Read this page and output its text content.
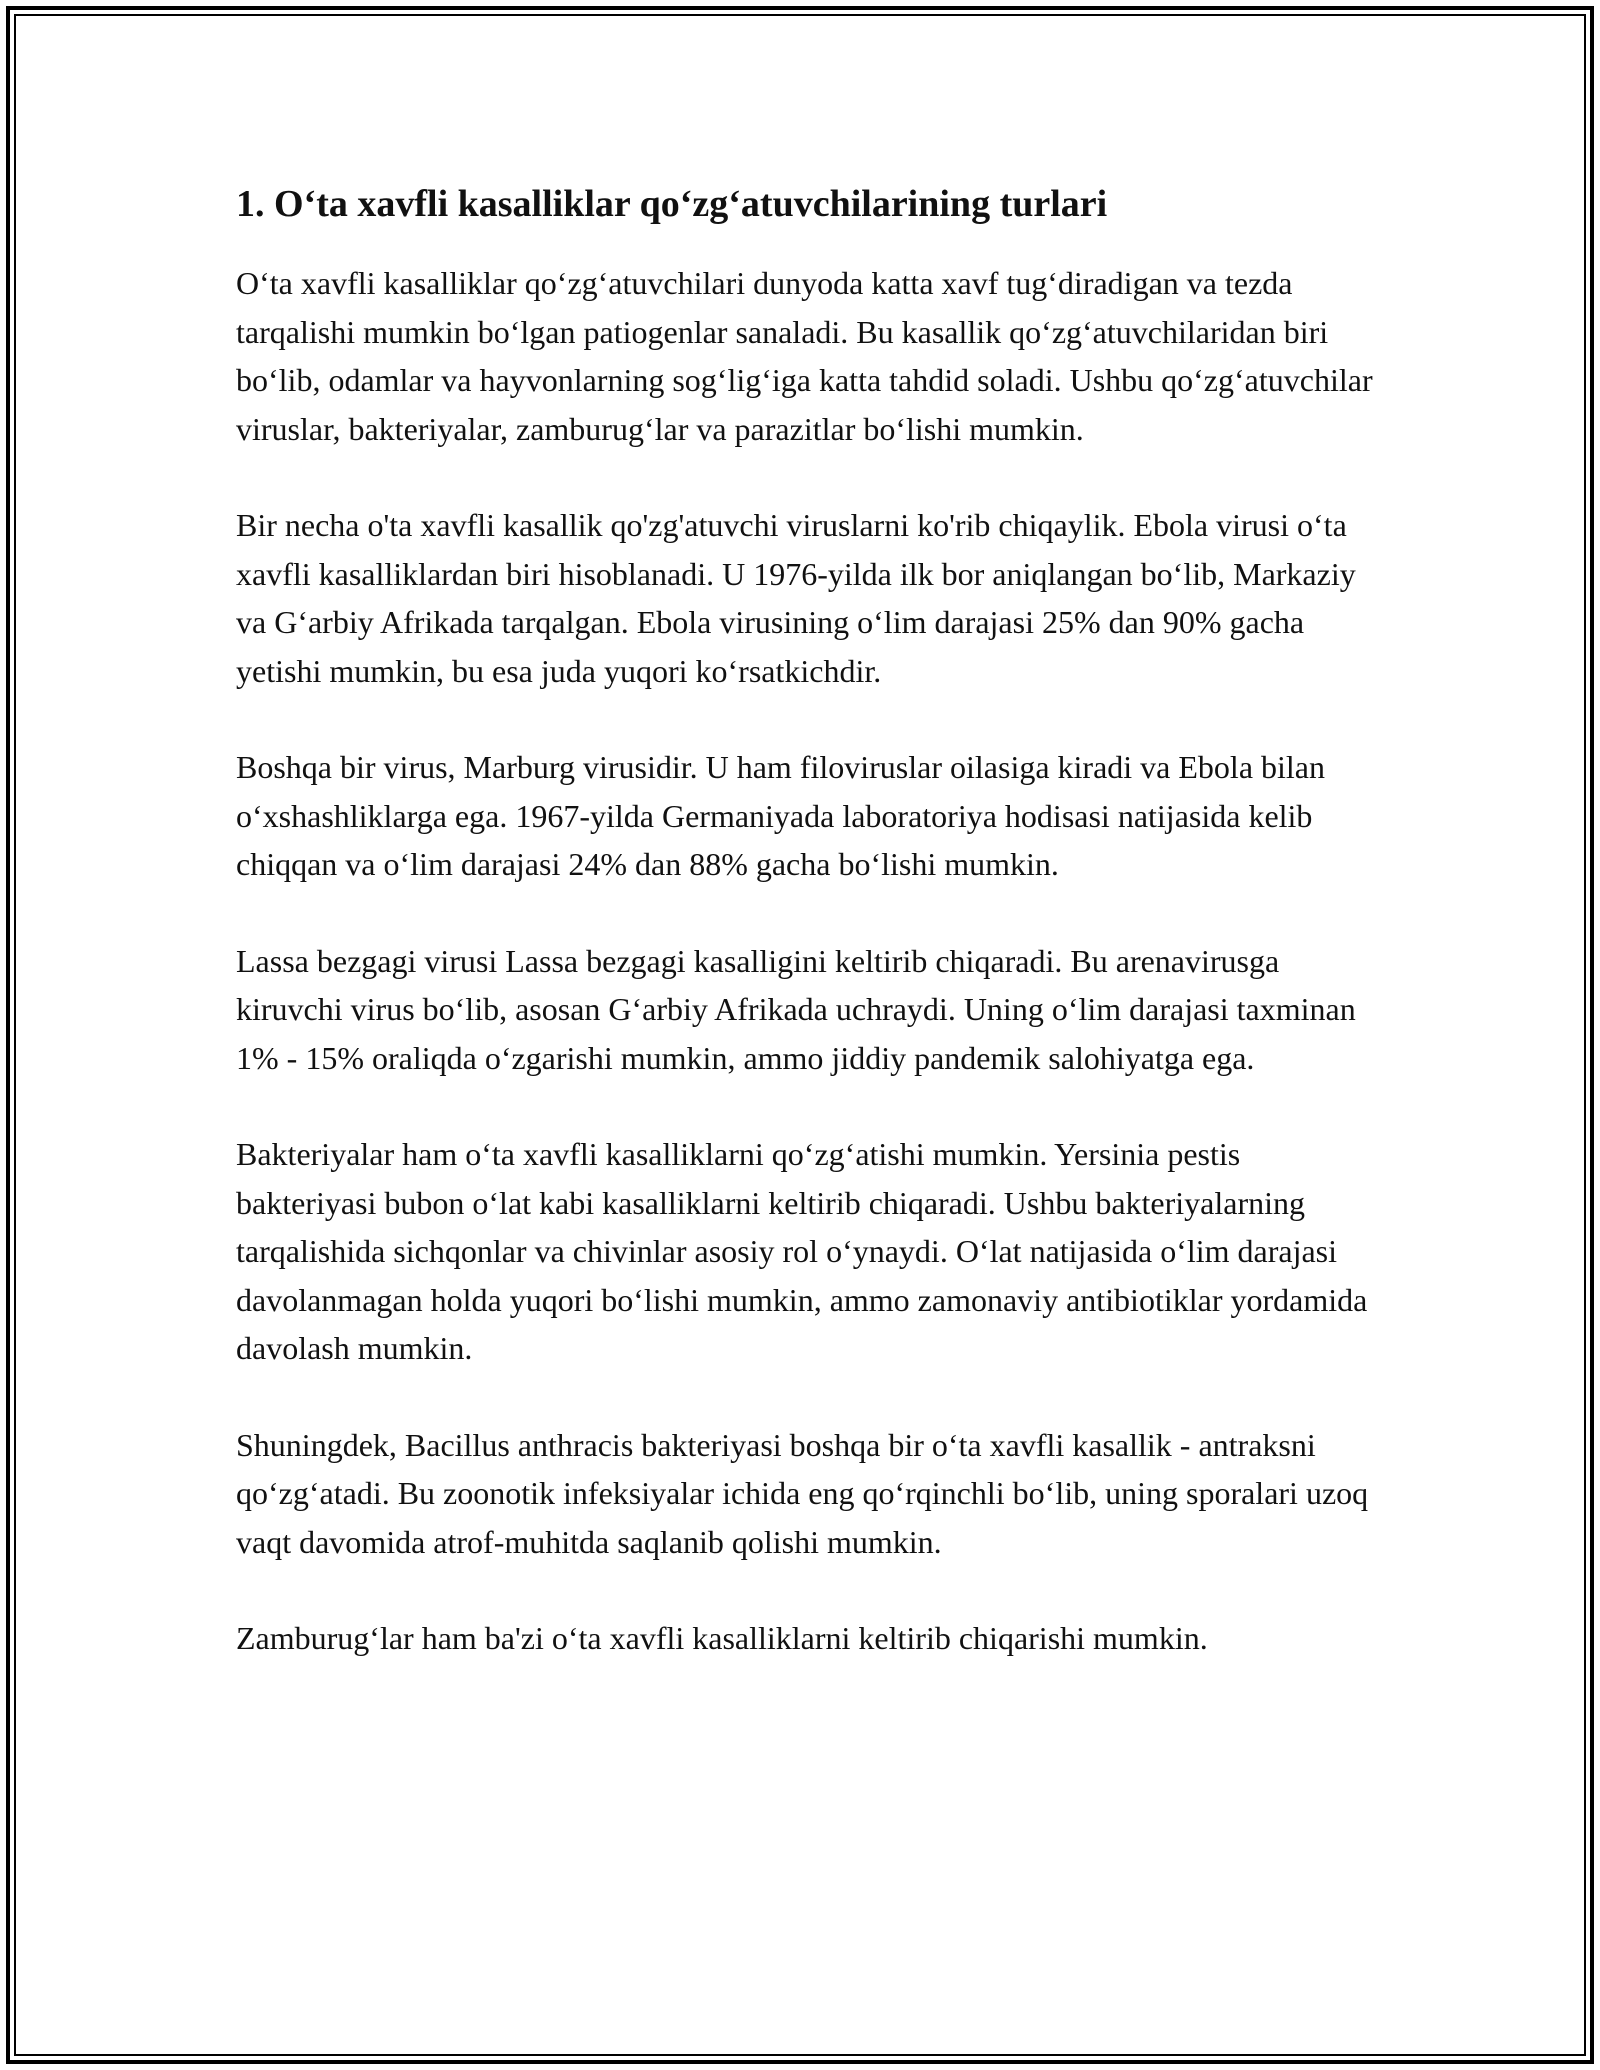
1. O‘ta xavfli kasalliklar qo‘zg‘atuvchilarining turlari

O‘ta xavfli kasalliklar qo‘zg‘atuvchilari dunyoda katta xavf tug‘diradigan va tezda tarqalishi mumkin bo‘lgan patiogenlar sanaladi. Bu kasallik qo‘zg‘atuvchilaridan biri bo‘lib, odamlar va hayvonlarning sog‘lig‘iga katta tahdid soladi. Ushbu qo‘zg‘atuvchilar viruslar, bakteriyalar, zamburug‘lar va parazitlar bo‘lishi mumkin.

Bir necha o'ta xavfli kasallik qo'zg'atuvchi viruslarni ko'rib chiqaylik. Ebola virusi o‘ta xavfli kasalliklardan biri hisoblanadi. U 1976-yilda ilk bor aniqlangan bo‘lib, Markaziy va G‘arbiy Afrikada tarqalgan. Ebola virusining o‘lim darajasi 25% dan 90% gacha yetishi mumkin, bu esa juda yuqori ko‘rsatkichdir.

Boshqa bir virus, Marburg virusidir. U ham filoviruslar oilasiga kiradi va Ebola bilan o‘xshashliklarga ega. 1967-yilda Germaniyada laboratoriya hodisasi natijasida kelib chiqqan va o‘lim darajasi 24% dan 88% gacha bo‘lishi mumkin.

Lassa bezgagi virusi Lassa bezgagi kasalligini keltirib chiqaradi. Bu arenavirusga kiruvchi virus bo‘lib, asosan G‘arbiy Afrikada uchraydi. Uning o‘lim darajasi taxminan 1% - 15% oraliqda o‘zgarishi mumkin, ammo jiddiy pandemik salohiyatga ega.

Bakteriyalar ham o‘ta xavfli kasalliklarni qo‘zg‘atishi mumkin. Yersinia pestis bakteriyasi bubon o‘lat kabi kasalliklarni keltirib chiqaradi. Ushbu bakteriyalarning tarqalishida sichqonlar va chivinlar asosiy rol o‘ynaydi. O‘lat natijasida o‘lim darajasi davolanmagan holda yuqori bo‘lishi mumkin, ammo zamonaviy antibiotiklar yordamida davolash mumkin.

Shuningdek, Bacillus anthracis bakteriyasi boshqa bir o‘ta xavfli kasallik - antraksni qo‘zg‘atadi. Bu zoonotik infeksiyalar ichida eng qo‘rqinchli bo‘lib, uning sporalari uzoq vaqt davomida atrof-muhitda saqlanib qolishi mumkin.

Zamburug‘lar ham ba'zi o‘ta xavfli kasalliklarni keltirib chiqarishi mumkin.
